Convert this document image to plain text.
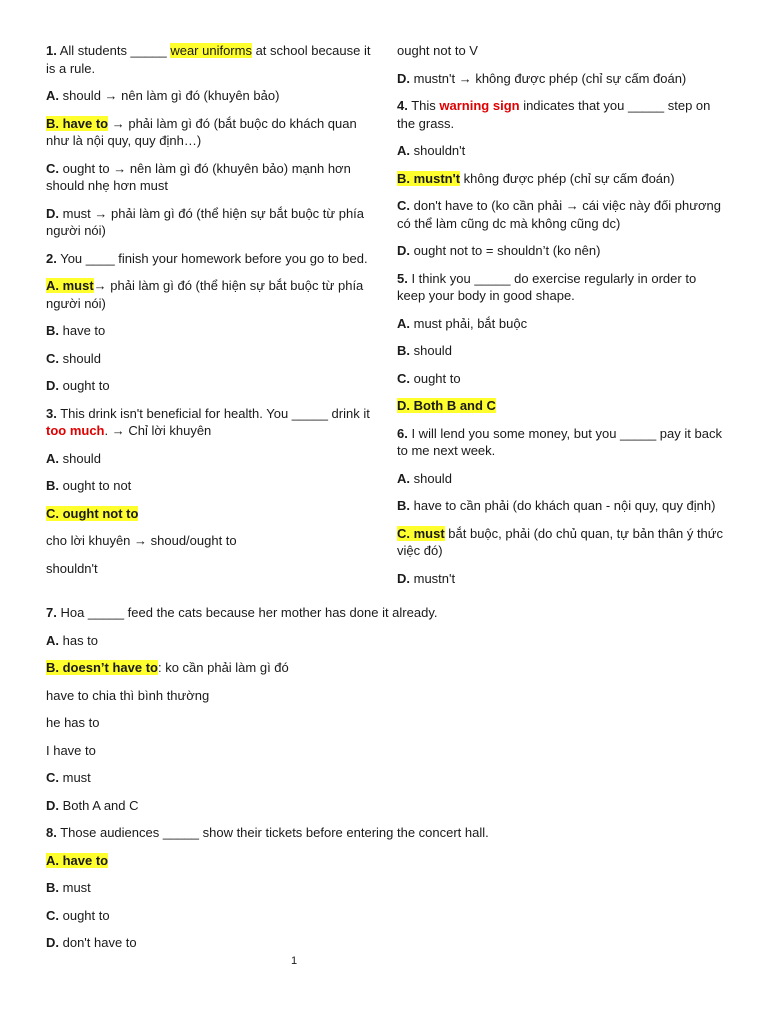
1. All students _____ wear uniforms at school because it is a rule.

A. should → nên làm gì đó (khuyên bảo)

B. have to → phải làm gì đó (bắt buộc do khách quan như là nội quy, quy định…)

C. ought to → nên làm gì đó (khuyên bảo) mạnh hơn should nhẹ hơn must

D. must → phải làm gì đó (thể hiện sự bắt buộc từ phía người nói)

2. You ____ finish your homework before you go to bed.

A. must→ phải làm gì đó (thể hiện sự bắt buộc từ phía người nói)

B. have to

C. should

D. ought to

3. This drink isn't beneficial for health. You _____ drink it too much. → Chỉ lời khuyên

A. should

B. ought to not

C. ought not to

cho lời khuyên → shoud/ought to

shouldn't

ought not to V

D. mustn't → không được phép (chỉ sự cấm đoán)

4. This warning sign indicates that you _____ step on the grass.

A. shouldn't

B. mustn't không được phép (chỉ sự cấm đoán)

C. don't have to (ko cần phải → cái việc này đối phương có thể làm cũng dc mà không cũng dc)

D. ought not to = shouldn’t (ko nên)

5. I think you _____ do exercise regularly in order to keep your body in good shape.

A. must phải, bắt buộc

B. should

C. ought to

D. Both B and C

6. I will lend you some money, but you _____ pay it back to me next week.

A. should

B. have to cần phải (do khách quan - nội quy, quy định)

C. must bắt buộc, phải (do chủ quan, tự bản thân ý thức việc đó)

D. mustn't

7. Hoa _____ feed the cats because her mother has done it already.

A. has to

B. doesn’t have to: ko cần phải làm gì đó

have to chia thì bình thường

he has to

I have to

C. must

D. Both A and C

8. Those audiences _____ show their tickets before entering the concert hall.

A. have to

B. must

C. ought to

D. don't have to

1
